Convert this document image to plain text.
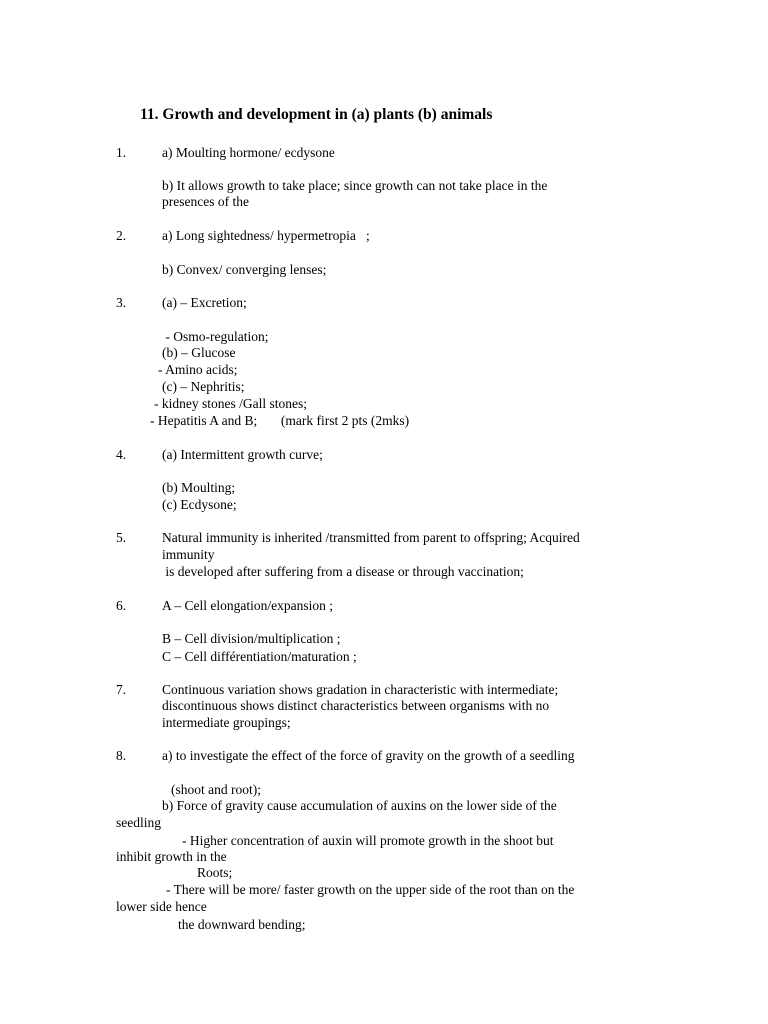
11. Growth and development in (a) plants (b) animals
1.	a) Moulting hormone/ ecdysone
b) It allows growth to take place; since growth can not take place in the
presences of the
2.	a) Long sightedness/ hypermetropia   ;
b) Convex/ converging lenses;
3.	(a) – Excretion;
- Osmo-regulation;
(b) – Glucose
- Amino acids;
(c) – Nephritis;
- kidney stones /Gall stones;
- Hepatitis A and B;       (mark first 2 pts (2mks)
4.	(a) Intermittent growth curve;
(b) Moulting;
(c) Ecdysone;
5.	Natural immunity is inherited /transmitted from parent to offspring; Acquired
immunity
is developed after suffering from a disease or through vaccination;
6.	A – Cell elongation/expansion ;
B – Cell division/multiplication ;
C – Cell différentiation/maturation ;
7.	Continuous variation shows gradation in characteristic with intermediate;
discontinuous shows distinct characteristics between organisms with no
intermediate groupings;
8.	a) to investigate the effect of the force of gravity on the growth of a seedling
(shoot and root);
b) Force of gravity cause accumulation of auxins on the lower side of the
seedling
- Higher concentration of auxin will promote growth in the shoot but
inhibit growth in the
Roots;
- There will be more/ faster growth on the upper side of the root than on the
lower side hence
the downward bending;
